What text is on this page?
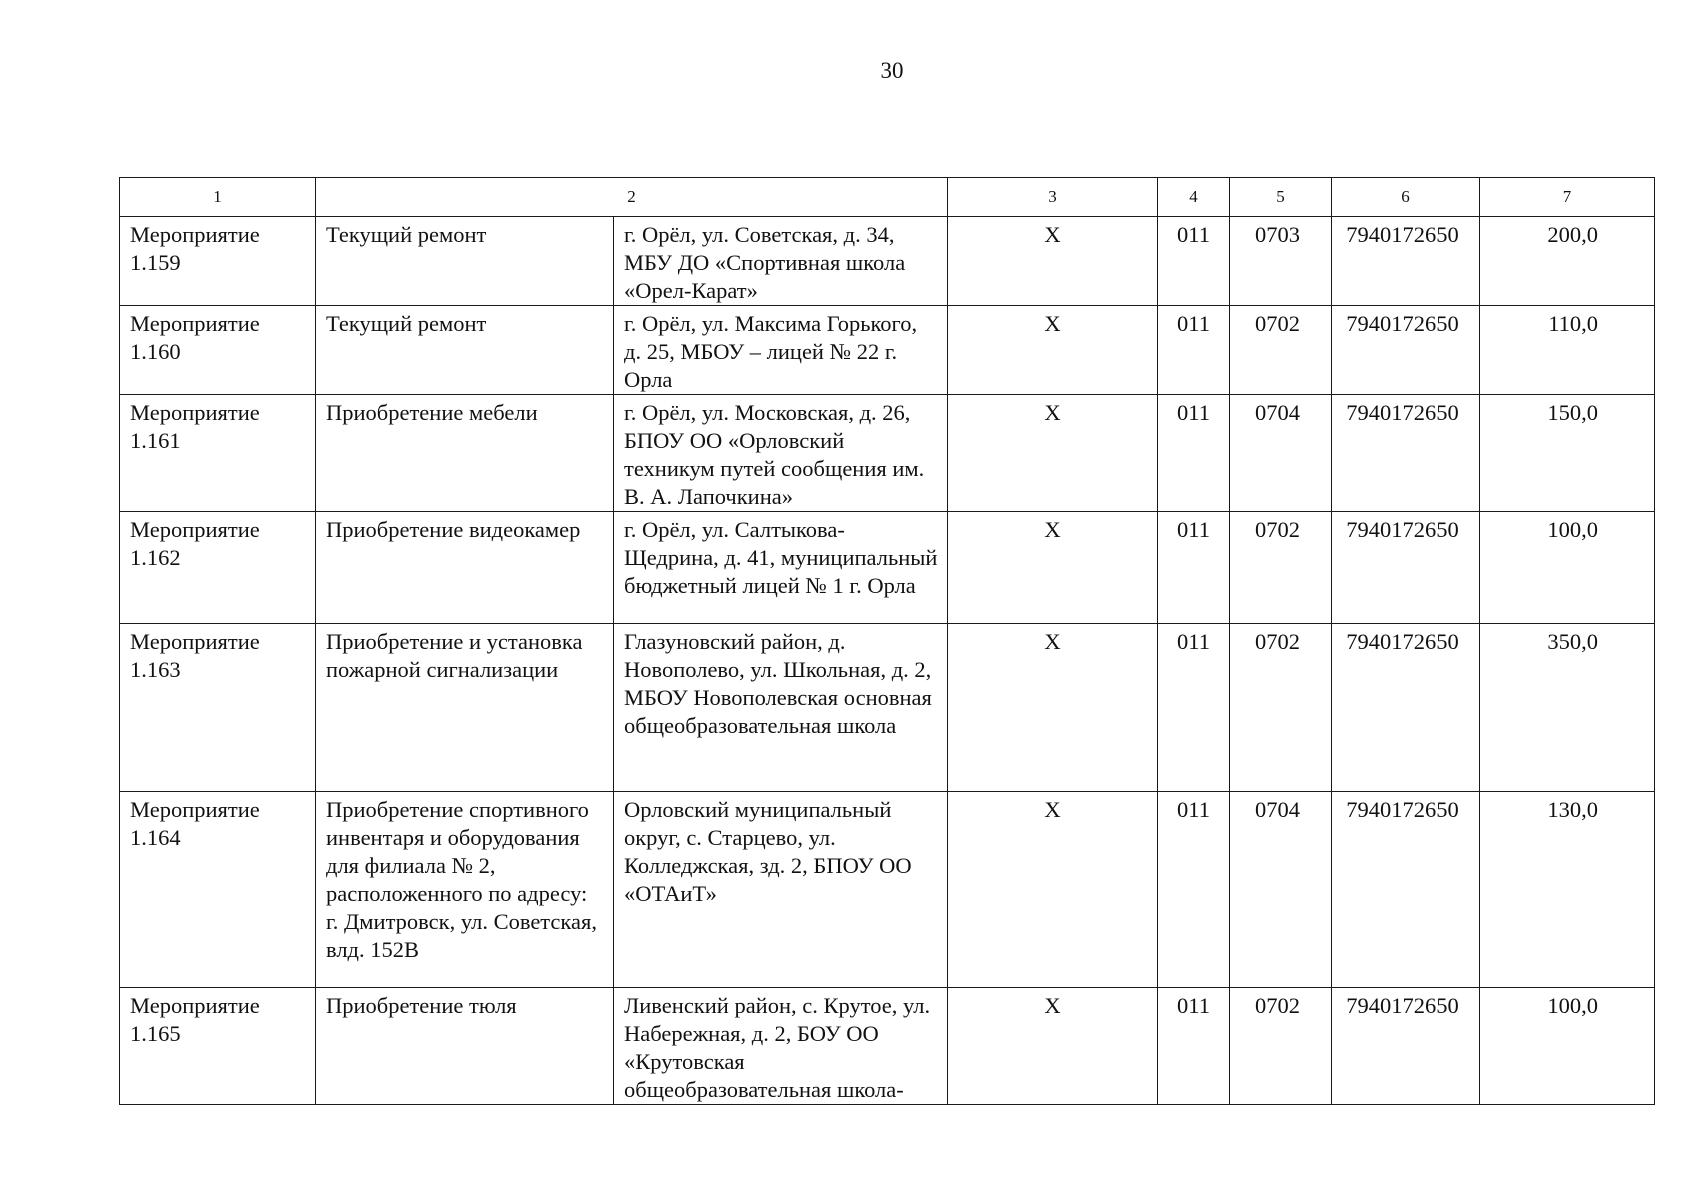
30
1	2		3	4	5	6	7
Мероприятие 1.159	Текущий ремонт	г. Орёл, ул. Советская, д. 34, МБУ ДО «Спортивная школа «Орел-Карат»	Х	011	0703	7940172650	200,0
Мероприятие 1.160	Текущий ремонт	г. Орёл, ул. Максима Горького, д. 25, МБОУ – лицей № 22 г. Орла	Х	011	0702	7940172650	110,0
Мероприятие 1.161	Приобретение мебели	г. Орёл, ул. Московская, д. 26, БПОУ ОО «Орловский техникум путей сообщения им. В. А. Лапочкина»	Х	011	0704	7940172650	150,0
Мероприятие 1.162	Приобретение видеокамер	г. Орёл, ул. Салтыкова-Щедрина, д. 41, муниципальный бюджетный лицей № 1 г. Орла	Х	011	0702	7940172650	100,0
Мероприятие 1.163	Приобретение и установка пожарной сигнализации	Глазуновский район, д. Новополево, ул. Школьная, д. 2, МБОУ Новополевская основная общеобразовательная школа	Х	011	0702	7940172650	350,0
Мероприятие 1.164	Приобретение спортивного инвентаря и оборудования для филиала № 2, расположенного по адресу: г. Дмитровск, ул. Советская, влд. 152В	Орловский муниципальный округ, с. Старцево, ул. Колледжская, зд. 2, БПОУ ОО «ОТАиТ»	Х	011	0704	7940172650	130,0
Мероприятие 1.165	Приобретение тюля	Ливенский район, с. Крутое, ул. Набережная, д. 2, БОУ ОО «Крутовская общеобразовательная школа-	Х	011	0702	7940172650	100,0
